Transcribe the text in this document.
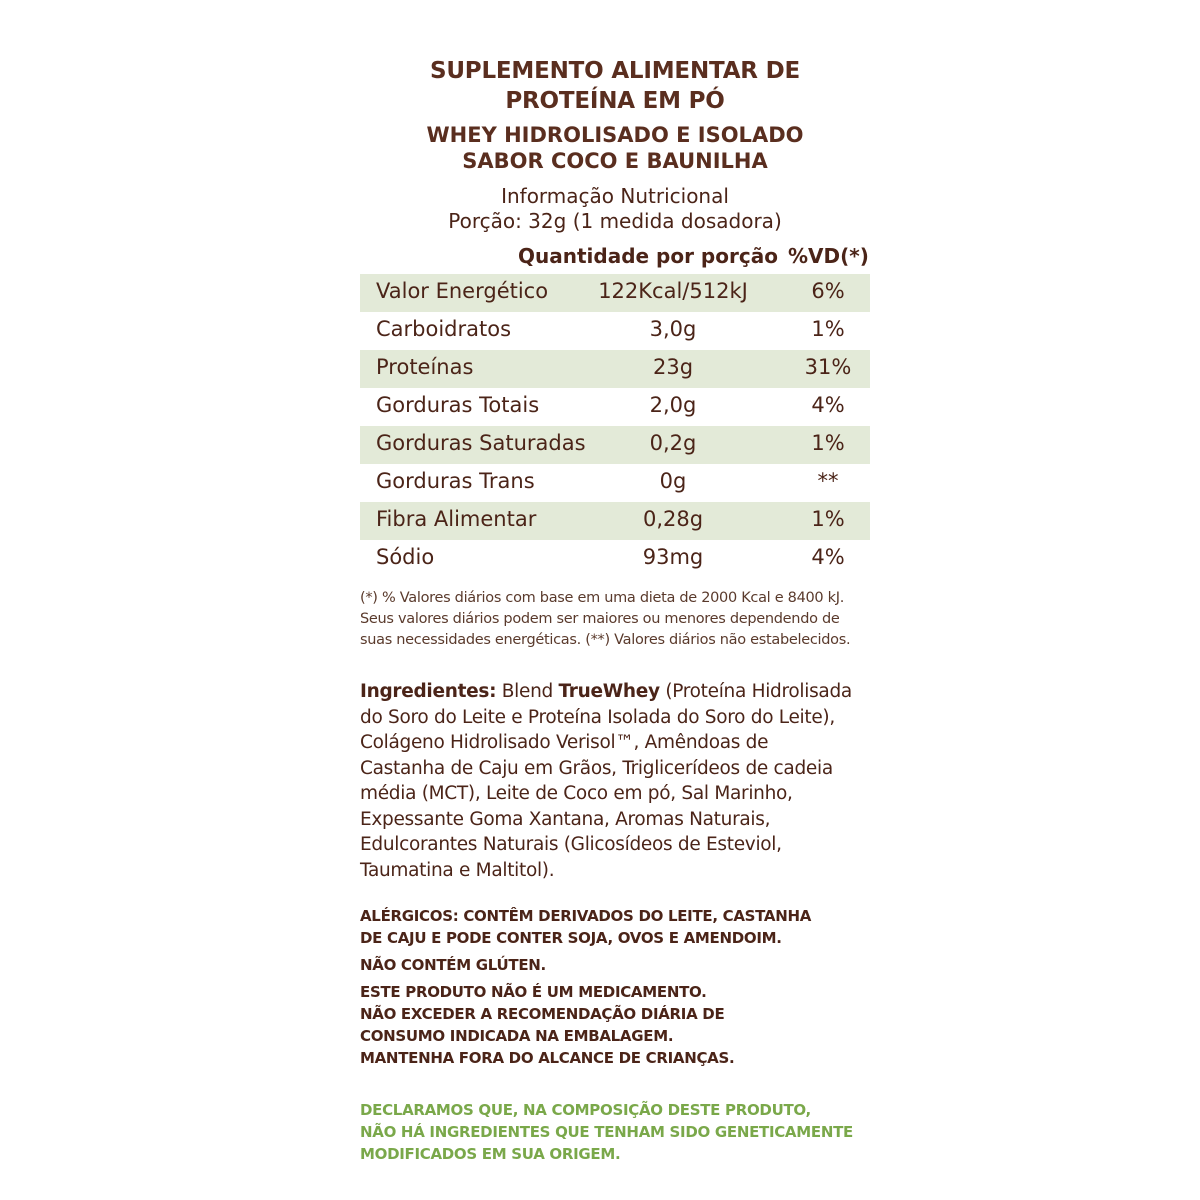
SUPLEMENTO ALIMENTAR DE
PROTEÍNA EM PÓ
WHEY HIDROLISADO E ISOLADO
SABOR COCO E BAUNILHA
Informação Nutricional
Porção: 32g (1 medida dosadora)
Quantidade por porção %VD(*)
Valor Energético 122Kcal/512kJ	6%
Carboidratos	3,0g	1%
Proteínas	23g	31%
Gorduras Totais	2,0g	4%
Gorduras Saturadas	0,2g	1%
Gorduras Trans	0g	**
Fibra Alimentar	0,28g	1%
Sódio	93mg	4%
(*) % Valores diários com base em uma dieta de 2000 Kcal e 8400 kJ.
Seus valores diários podem ser maiores ou menores dependendo de
suas necessidades energéticas. (**) Valores diários não estabelecidos.
Ingredientes: Blend TrueWhey (Proteína Hidrolisada
do Soro do Leite e Proteína Isolada do Soro do Leite),
Colágeno Hidrolisado Verisol™, Amêndoas de
Castanha de Caju em Grãos, Triglicerídeos de cadeia
média (MCT), Leite de Coco em pó, Sal Marinho,
Expessante Goma Xantana, Aromas Naturais,
Edulcorantes Naturais (Glicosídeos de Esteviol,
Taumatina e Maltitol).
ALÉRGICOS: CONTÊM DERIVADOS DO LEITE, CASTANHA
DE CAJU E PODE CONTER SOJA, OVOS E AMENDOIM.
NÃO CONTÉM GLÚTEN.
ESTE PRODUTO NÃO É UM MEDICAMENTO.
NÃO EXCEDER A RECOMENDAÇÃO DIÁRIA DE
CONSUMO INDICADA NA EMBALAGEM.
MANTENHA FORA DO ALCANCE DE CRIANÇAS.
DECLARAMOS QUE, NA COMPOSIÇÃO DESTE PRODUTO,
NÃO HÁ INGREDIENTES QUE TENHAM SIDO GENETICAMENTE
MODIFICADOS EM SUA ORIGEM.
